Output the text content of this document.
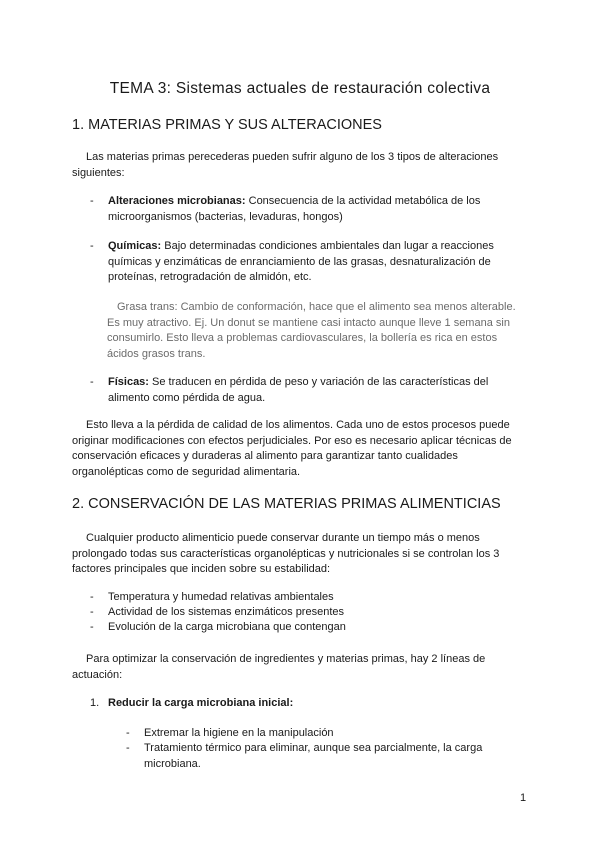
TEMA 3: Sistemas actuales de restauración colectiva
1. MATERIAS PRIMAS Y SUS ALTERACIONES
Las materias primas perecederas pueden sufrir alguno de los 3 tipos de alteraciones siguientes:
- Alteraciones microbianas: Consecuencia de la actividad metabólica de los microorganismos (bacterias, levaduras, hongos)
- Químicas: Bajo determinadas condiciones ambientales dan lugar a reacciones químicas y enzimáticas de enranciamiento de las grasas, desnaturalización de proteínas, retrogradación de almidón, etc.
Grasa trans: Cambio de conformación, hace que el alimento sea menos alterable. Es muy atractivo. Ej. Un donut se mantiene casi intacto aunque lleve 1 semana sin consumirlo. Esto lleva a problemas cardiovasculares, la bollería es rica en estos ácidos grasos trans.
- Físicas: Se traducen en pérdida de peso y variación de las características del alimento como pérdida de agua.
Esto lleva a la pérdida de calidad de los alimentos. Cada uno de estos procesos puede originar modificaciones con efectos perjudiciales. Por eso es necesario aplicar técnicas de conservación eficaces y duraderas al alimento para garantizar tanto cualidades organolépticas como de seguridad alimentaria.
2. CONSERVACIÓN DE LAS MATERIAS PRIMAS ALIMENTICIAS
Cualquier producto alimenticio puede conservar durante un tiempo más o menos prolongado todas sus características organolépticas y nutricionales si se controlan los 3 factores principales que inciden sobre su estabilidad:
- Temperatura y humedad relativas ambientales
- Actividad de los sistemas enzimáticos presentes
- Evolución de la carga microbiana que contengan
Para optimizar la conservación de ingredientes y materias primas, hay 2 líneas de actuación:
1. Reducir la carga microbiana inicial:
- Extremar la higiene en la manipulación
- Tratamiento térmico para eliminar, aunque sea parcialmente, la carga
microbiana.
1
